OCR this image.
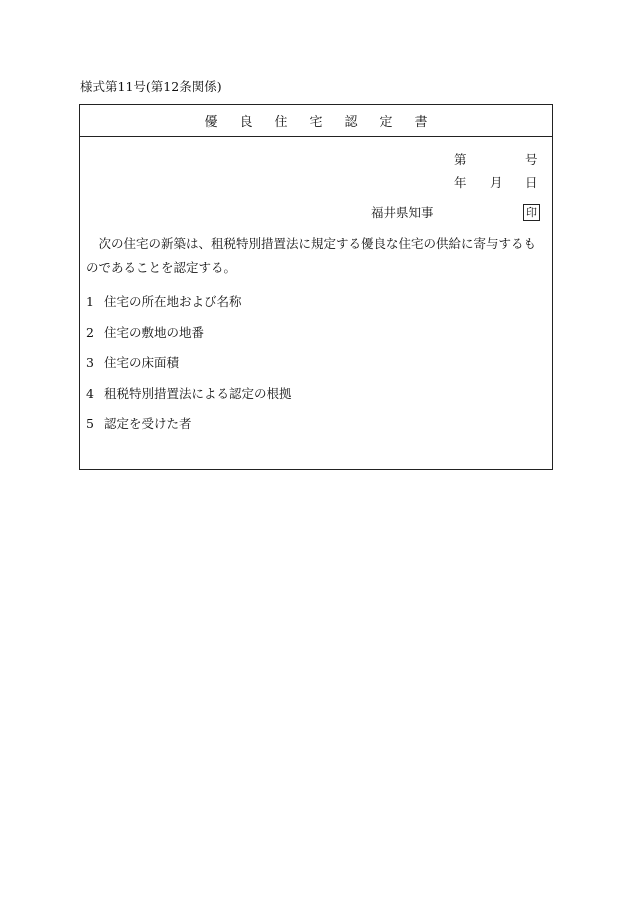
様式第11号(第12条関係)
優良住宅認定書
第	号
年 月 日
福井県知事	印
次の住宅の新築は、租税特別措置法に規定する優良な住宅の供給に寄与するものであることを認定する。
1 住宅の所在地および名称
2 住宅の敷地の地番
3 住宅の床面積
4 租税特別措置法による認定の根拠
5 認定を受けた者
